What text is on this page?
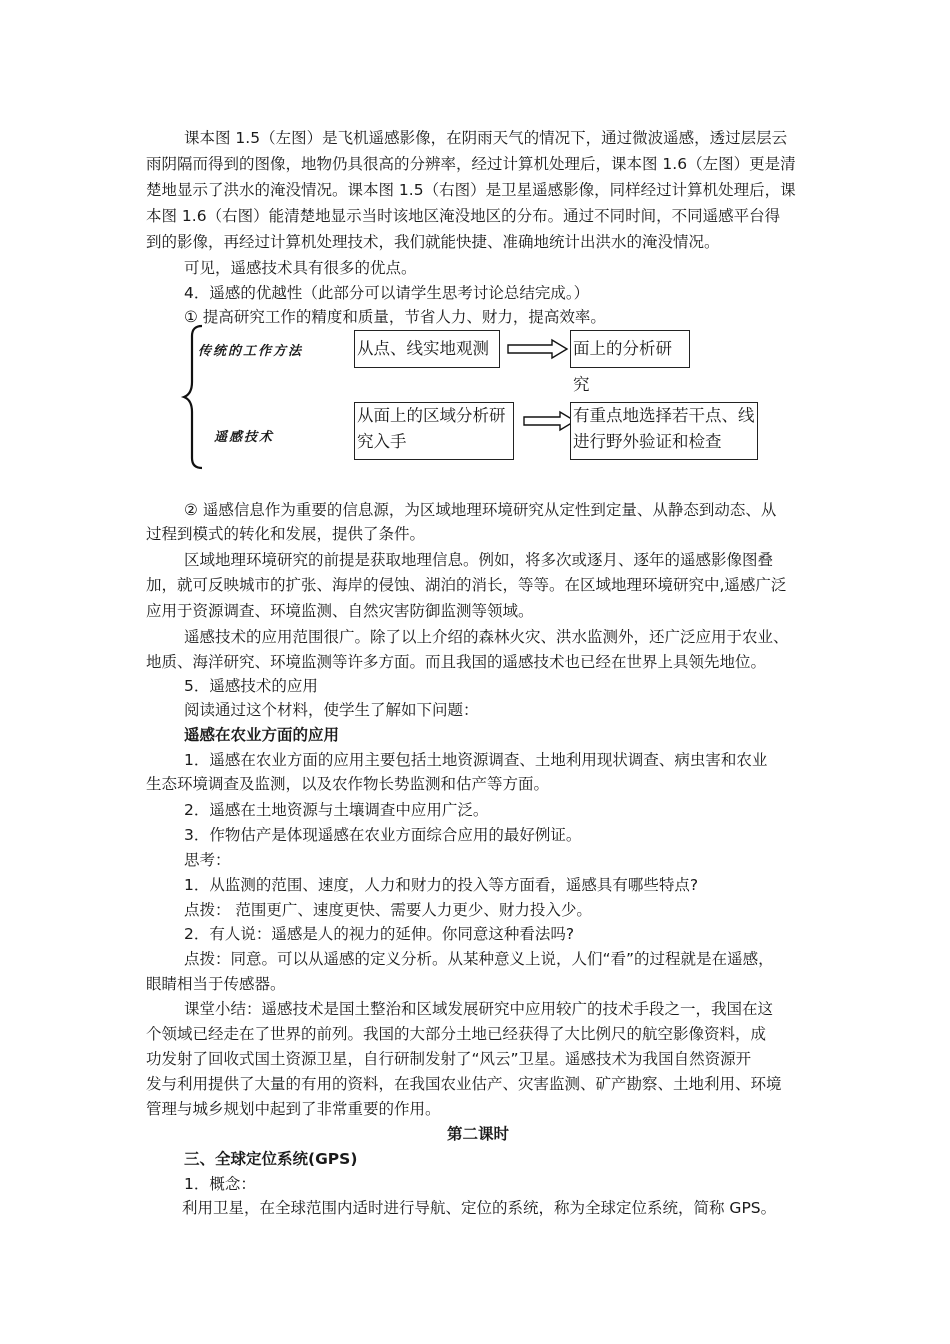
课本图 1.5（左图）是飞机遥感影像，在阴雨天气的情况下，通过微波遥感，透过层层云
雨阴隔而得到的图像，地物仍具很高的分辨率，经过计算机处理后，课本图 1.6（左图）更是清
楚地显示了洪水的淹没情况。课本图 1.5（右图）是卫星遥感影像，同样经过计算机处理后，课
本图 1.6（右图）能清楚地显示当时该地区淹没地区的分布。通过不同时间，不同遥感平台得
到的影像，再经过计算机处理技术，我们就能快捷、准确地统计出洪水的淹没情况。
可见，遥感技术具有很多的优点。
4．遥感的优越性（此部分可以请学生思考讨论总结完成。）
① 提高研究工作的精度和质量，节省人力、财力，提高效率。
传统的工作方法	从点、线实地观测	面上的分析研究
遥感技术
从面上的区域分析研
究入手
有重点地选择若干点、线
进行野外验证和检查
② 遥感信息作为重要的信息源，为区域地理环境研究从定性到定量、从静态到动态、从
过程到模式的转化和发展，提供了条件。
区域地理环境研究的前提是获取地理信息。例如，将多次或逐月、逐年的遥感影像图叠
加，就可反映城市的扩张、海岸的侵蚀、湖泊的消长，等等。在区域地理环境研究中,遥感广泛
应用于资源调查、环境监测、自然灾害防御监测等领域。
遥感技术的应用范围很广。除了以上介绍的森林火灾、洪水监测外，还广泛应用于农业、
地质、海洋研究、环境监测等许多方面。而且我国的遥感技术也已经在世界上具领先地位。
5．遥感技术的应用
阅读通过这个材料，使学生了解如下问题：
遥感在农业方面的应用
1．遥感在农业方面的应用主要包括土地资源调查、土地利用现状调查、病虫害和农业
生态环境调查及监测，以及农作物长势监测和估产等方面。
2．遥感在土地资源与土壤调查中应用广泛。
3．作物估产是体现遥感在农业方面综合应用的最好例证。
思考：
1．从监测的范围、速度，人力和财力的投入等方面看，遥感具有哪些特点?
点拨： 范围更广、速度更快、需要人力更少、财力投入少。
2．有人说：遥感是人的视力的延伸。你同意这种看法吗?
点拨：同意。可以从遥感的定义分析。从某种意义上说，人们“看”的过程就是在遥感，
眼睛相当于传感器。
课堂小结：遥感技术是国土整治和区域发展研究中应用较广的技术手段之一，我国在这
个领域已经走在了世界的前列。我国的大部分土地已经获得了大比例尺的航空影像资料，成
功发射了回收式国土资源卫星，自行研制发射了“风云”卫星。遥感技术为我国自然资源开
发与利用提供了大量的有用的资料，在我国农业估产、灾害监测、矿产勘察、土地利用、环境
管理与城乡规划中起到了非常重要的作用。
第二课时
三、全球定位系统(GPS)
1．概念：
利用卫星，在全球范围内适时进行导航、定位的系统，称为全球定位系统，简称 GPS。
